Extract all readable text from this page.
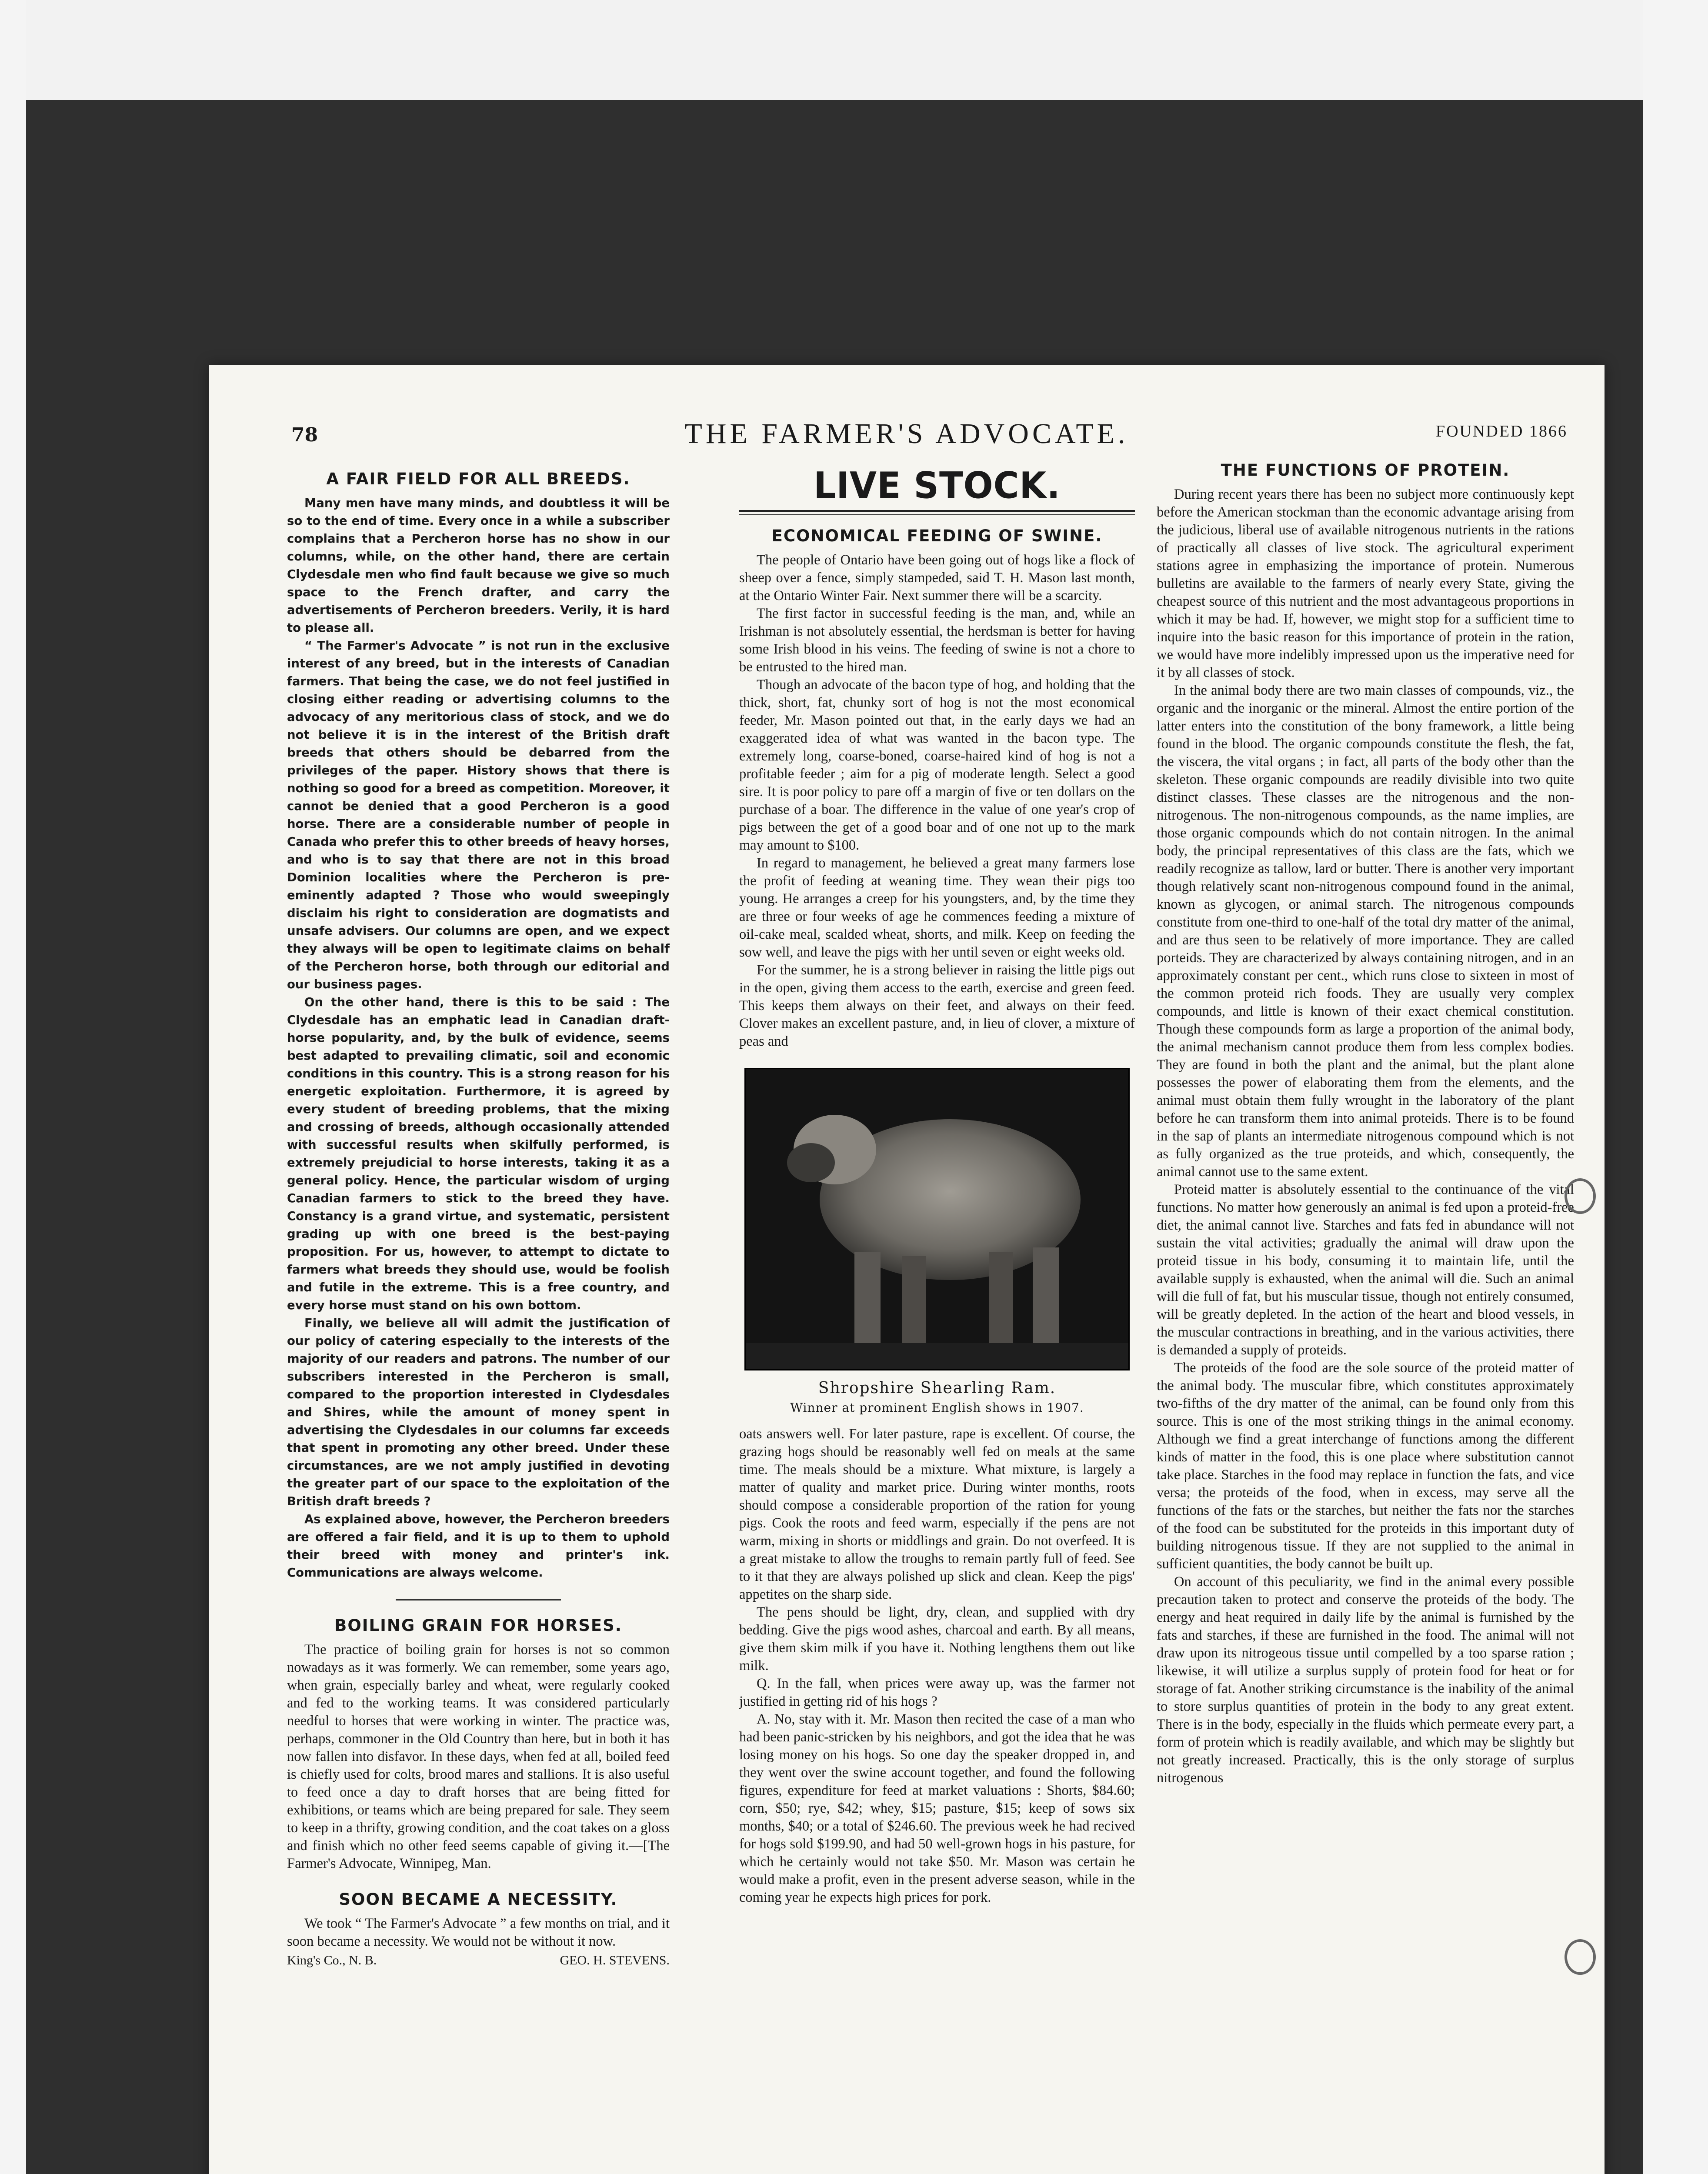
78	THE FARMER'S ADVOCATE.	FOUNDED 1866
A FAIR FIELD FOR ALL BREEDS.

Many men have many minds, and doubtless it will be so to the end of time. Every once in a while a subscriber complains that a Percheron horse has no show in our columns, while, on the other hand, there are certain Clydesdale men who find fault because we give so much space to the French drafter, and carry the advertisements of Percheron breeders. Verily, it is hard to please all.

“ The Farmer's Advocate ” is not run in the exclusive interest of any breed, but in the interests of Canadian farmers. That being the case, we do not feel justified in closing either reading or advertising columns to the advocacy of any meritorious class of stock, and we do not believe it is in the interest of the British draft breeds that others should be debarred from the privileges of the paper. History shows that there is nothing so good for a breed as competition. Moreover, it cannot be denied that a good Percheron is a good horse. There are a considerable number of people in Canada who prefer this to other breeds of heavy horses, and who is to say that there are not in this broad Dominion localities where the Percheron is pre-eminently adapted ? Those who would sweepingly disclaim his right to consideration are dogmatists and unsafe advisers. Our columns are open, and we expect they always will be open to legitimate claims on behalf of the Percheron horse, both through our editorial and our business pages.

On the other hand, there is this to be said : The Clydesdale has an emphatic lead in Canadian draft-horse popularity, and, by the bulk of evidence, seems best adapted to prevailing climatic, soil and economic conditions in this country. This is a strong reason for his energetic exploitation. Furthermore, it is agreed by every student of breeding problems, that the mixing and crossing of breeds, although occasionally attended with successful results when skilfully performed, is extremely prejudicial to horse interests, taking it as a general policy. Hence, the particular wisdom of urging Canadian farmers to stick to the breed they have. Constancy is a grand virtue, and systematic, persistent grading up with one breed is the best-paying proposition. For us, however, to attempt to dictate to farmers what breeds they should use, would be foolish and futile in the extreme. This is a free country, and every horse must stand on his own bottom.

Finally, we believe all will admit the justification of our policy of catering especially to the interests of the majority of our readers and patrons. The number of our subscribers interested in the Percheron is small, compared to the proportion interested in Clydesdales and Shires, while the amount of money spent in advertising the Clydesdales in our columns far exceeds that spent in promoting any other breed. Under these circumstances, are we not amply justified in devoting the greater part of our space to the exploitation of the British draft breeds ?

As explained above, however, the Percheron breeders are offered a fair field, and it is up to them to uphold their breed with money and printer's ink. Communications are always welcome.

BOILING GRAIN FOR HORSES.

The practice of boiling grain for horses is not so common nowadays as it was formerly. We can remember, some years ago, when grain, especially barley and wheat, were regularly cooked and fed to the working teams. It was considered particularly needful to horses that were working in winter. The practice was, perhaps, commoner in the Old Country than here, but in both it has now fallen into disfavor. In these days, when fed at all, boiled feed is chiefly used for colts, brood mares and stallions. It is also useful to feed once a day to draft horses that are being fitted for exhibitions, or teams which are being prepared for sale. They seem to keep in a thrifty, growing condition, and the coat takes on a gloss and finish which no other feed seems capable of giving it.—[The Farmer's Advocate, Winnipeg, Man.

SOON BECAME A NECESSITY.

We took “ The Farmer's Advocate ” a few months on trial, and it soon became a necessity. We would not be without it now.

King's Co., N. B.	GEO. H. STEVENS.

LIVE STOCK.
ECONOMICAL FEEDING OF SWINE.

The people of Ontario have been going out of hogs like a flock of sheep over a fence, simply stampeded, said T. H. Mason last month, at the Ontario Winter Fair. Next summer there will be a scarcity.

The first factor in successful feeding is the man, and, while an Irishman is not absolutely essential, the herdsman is better for having some Irish blood in his veins. The feeding of swine is not a chore to be entrusted to the hired man.

Though an advocate of the bacon type of hog, and holding that the thick, short, fat, chunky sort of hog is not the most economical feeder, Mr. Mason pointed out that, in the early days we had an exaggerated idea of what was wanted in the bacon type. The extremely long, coarse-boned, coarse-haired kind of hog is not a profitable feeder ; aim for a pig of moderate length. Select a good sire. It is poor policy to pare off a margin of five or ten dollars on the purchase of a boar. The difference in the value of one year's crop of pigs between the get of a good boar and of one not up to the mark may amount to $100.

In regard to management, he believed a great many farmers lose the profit of feeding at weaning time. They wean their pigs too young. He arranges a creep for his youngsters, and, by the time they are three or four weeks of age he commences feeding a mixture of oil-cake meal, scalded wheat, shorts, and milk. Keep on feeding the sow well, and leave the pigs with her until seven or eight weeks old.

For the summer, he is a strong believer in raising the little pigs out in the open, giving them access to the earth, exercise and green feed. This keeps them always on their feet, and always on their feed. Clover makes an excellent pasture, and, in lieu of clover, a mixture of peas and

Shropshire Shearling Ram.
Winner at prominent English shows in 1907.

oats answers well. For later pasture, rape is excellent. Of course, the grazing hogs should be reasonably well fed on meals at the same time. The meals should be a mixture. What mixture, is largely a matter of quality and market price. During winter months, roots should compose a considerable proportion of the ration for young pigs. Cook the roots and feed warm, especially if the pens are not warm, mixing in shorts or middlings and grain. Do not overfeed. It is a great mistake to allow the troughs to remain partly full of feed. See to it that they are always polished up slick and clean. Keep the pigs' appetites on the sharp side.

The pens should be light, dry, clean, and supplied with dry bedding. Give the pigs wood ashes, charcoal and earth. By all means, give them skim milk if you have it. Nothing lengthens them out like milk.

Q. In the fall, when prices were away up, was the farmer not justified in getting rid of his hogs ?

A. No, stay with it. Mr. Mason then recited the case of a man who had been panic-stricken by his neighbors, and got the idea that he was losing money on his hogs. So one day the speaker dropped in, and they went over the swine account together, and found the following figures, expenditure for feed at market valuations : Shorts, $84.60; corn, $50; rye, $42; whey, $15; pasture, $15; keep of sows six months, $40; or a total of $246.60. The previous week he had recived for hogs sold $199.90, and had 50 well-grown hogs in his pasture, for which he certainly would not take $50. Mr. Mason was certain he would make a profit, even in the present adverse season, while in the coming year he expects high prices for pork.

THE FUNCTIONS OF PROTEIN.

During recent years there has been no subject more continuously kept before the American stockman than the economic advantage arising from the judicious, liberal use of available nitrogenous nutrients in the rations of practically all classes of live stock. The agricultural experiment stations agree in emphasizing the importance of protein. Numerous bulletins are available to the farmers of nearly every State, giving the cheapest source of this nutrient and the most advantageous proportions in which it may be had. If, however, we might stop for a sufficient time to inquire into the basic reason for this importance of protein in the ration, we would have more indelibly impressed upon us the imperative need for it by all classes of stock.

In the animal body there are two main classes of compounds, viz., the organic and the inorganic or the mineral. Almost the entire portion of the latter enters into the constitution of the bony framework, a little being found in the blood. The organic compounds constitute the flesh, the fat, the viscera, the vital organs ; in fact, all parts of the body other than the skeleton. These organic compounds are readily divisible into two quite distinct classes. These classes are the nitrogenous and the non-nitrogenous. The non-nitrogenous compounds, as the name implies, are those organic compounds which do not contain nitrogen. In the animal body, the principal representatives of this class are the fats, which we readily recognize as tallow, lard or butter. There is another very important though relatively scant non-nitrogenous compound found in the animal, known as glycogen, or animal starch. The nitrogenous compounds constitute from one-third to one-half of the total dry matter of the animal, and are thus seen to be relatively of more importance. They are called porteids. They are characterized by always containing nitrogen, and in an approximately constant per cent., which runs close to sixteen in most of the common proteid rich foods. They are usually very complex compounds, and little is known of their exact chemical constitution. Though these compounds form as large a proportion of the animal body, the animal mechanism cannot produce them from less complex bodies. They are found in both the plant and the animal, but the plant alone possesses the power of elaborating them from the elements, and the animal must obtain them fully wrought in the laboratory of the plant before he can transform them into animal proteids. There is to be found in the sap of plants an intermediate nitrogenous compound which is not as fully organized as the true proteids, and which, consequently, the animal cannot use to the same extent.

Proteid matter is absolutely essential to the continuance of the vital functions. No matter how generously an animal is fed upon a proteid-free diet, the animal cannot live. Starches and fats fed in abundance will not sustain the vital activities; gradually the animal will draw upon the proteid tissue in his body, consuming it to maintain life, until the available supply is exhausted, when the animal will die. Such an animal will die full of fat, but his muscular tissue, though not entirely consumed, will be greatly depleted. In the action of the heart and blood vessels, in the muscular contractions in breathing, and in the various activities, there is demanded a supply of proteids.

The proteids of the food are the sole source of the proteid matter of the animal body. The muscular fibre, which constitutes approximately two-fifths of the dry matter of the animal, can be found only from this source. This is one of the most striking things in the animal economy. Although we find a great interchange of functions among the different kinds of matter in the food, this is one place where substitution cannot take place. Starches in the food may replace in function the fats, and vice versa; the proteids of the food, when in excess, may serve all the functions of the fats or the starches, but neither the fats nor the starches of the food can be substituted for the proteids in this important duty of building nitrogenous tissue. If they are not supplied to the animal in sufficient quantities, the body cannot be built up.

On account of this peculiarity, we find in the animal every possible precaution taken to protect and conserve the proteids of the body. The energy and heat required in daily life by the animal is furnished by the fats and starches, if these are furnished in the food. The animal will not draw upon its nitrogeous tissue until compelled by a too sparse ration ; likewise, it will utilize a surplus supply of protein food for heat or for storage of fat. Another striking circumstance is the inability of the animal to store surplus quantities of protein in the body to any great extent. There is in the body, especially in the fluids which permeate every part, a form of protein which is readily available, and which may be slightly but not greatly increased. Practically, this is the only storage of surplus nitrogenous
